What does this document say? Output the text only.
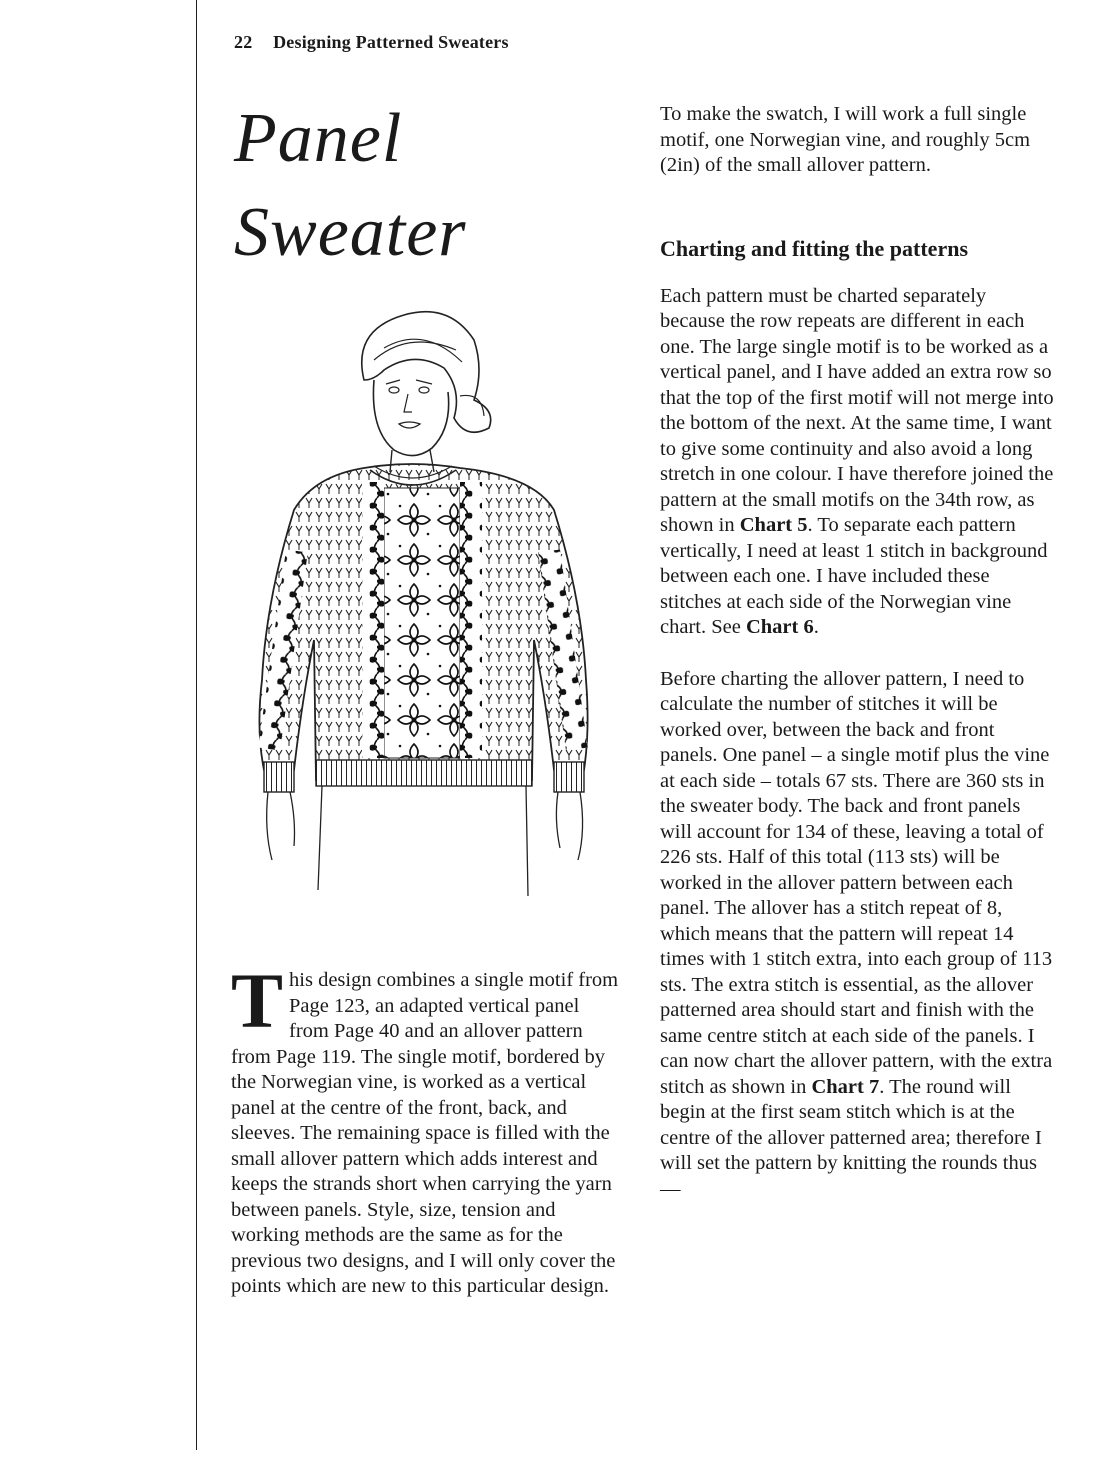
22 Designing Patterned Sweaters
Panel
Sweater

This design combines a single motif from Page 123, an adapted vertical panel from Page 40 and an allover pattern from Page 119. The single motif, bordered by the Norwegian vine, is worked as a vertical panel at the centre of the front, back, and sleeves. The remaining space is filled with the small allover pattern which adds interest and keeps the strands short when carrying the yarn between panels. Style, size, tension and working methods are the same as for the previous two designs, and I will only cover the points which are new to this particular design.

To make the swatch, I will work a full single motif, one Norwegian vine, and roughly 5cm (2in) of the small allover pattern.

Charting and fitting the patterns

Each pattern must be charted separately because the row repeats are different in each one. The large single motif is to be worked as a vertical panel, and I have added an extra row so that the top of the first motif will not merge into the bottom of the next. At the same time, I want to give some continuity and also avoid a long stretch in one colour. I have therefore joined the pattern at the small motifs on the 34th row, as shown in Chart 5. To separate each pattern vertically, I need at least 1 stitch in background between each one. I have included these stitches at each side of the Norwegian vine chart. See Chart 6.

Before charting the allover pattern, I need to calculate the number of stitches it will be worked over, between the back and front panels. One panel – a single motif plus the vine at each side – totals 67 sts. There are 360 sts in the sweater body. The back and front panels will account for 134 of these, leaving a total of 226 sts. Half of this total (113 sts) will be worked in the allover pattern between each panel. The allover has a stitch repeat of 8, which means that the pattern will repeat 14 times with 1 stitch extra, into each group of 113 sts. The extra stitch is essential, as the allover patterned area should start and finish with the same centre stitch at each side of the panels. I can now chart the allover pattern, with the extra stitch as shown in Chart 7. The round will begin at the first seam stitch which is at the centre of the allover patterned area; therefore I will set the pattern by knitting the rounds thus —
